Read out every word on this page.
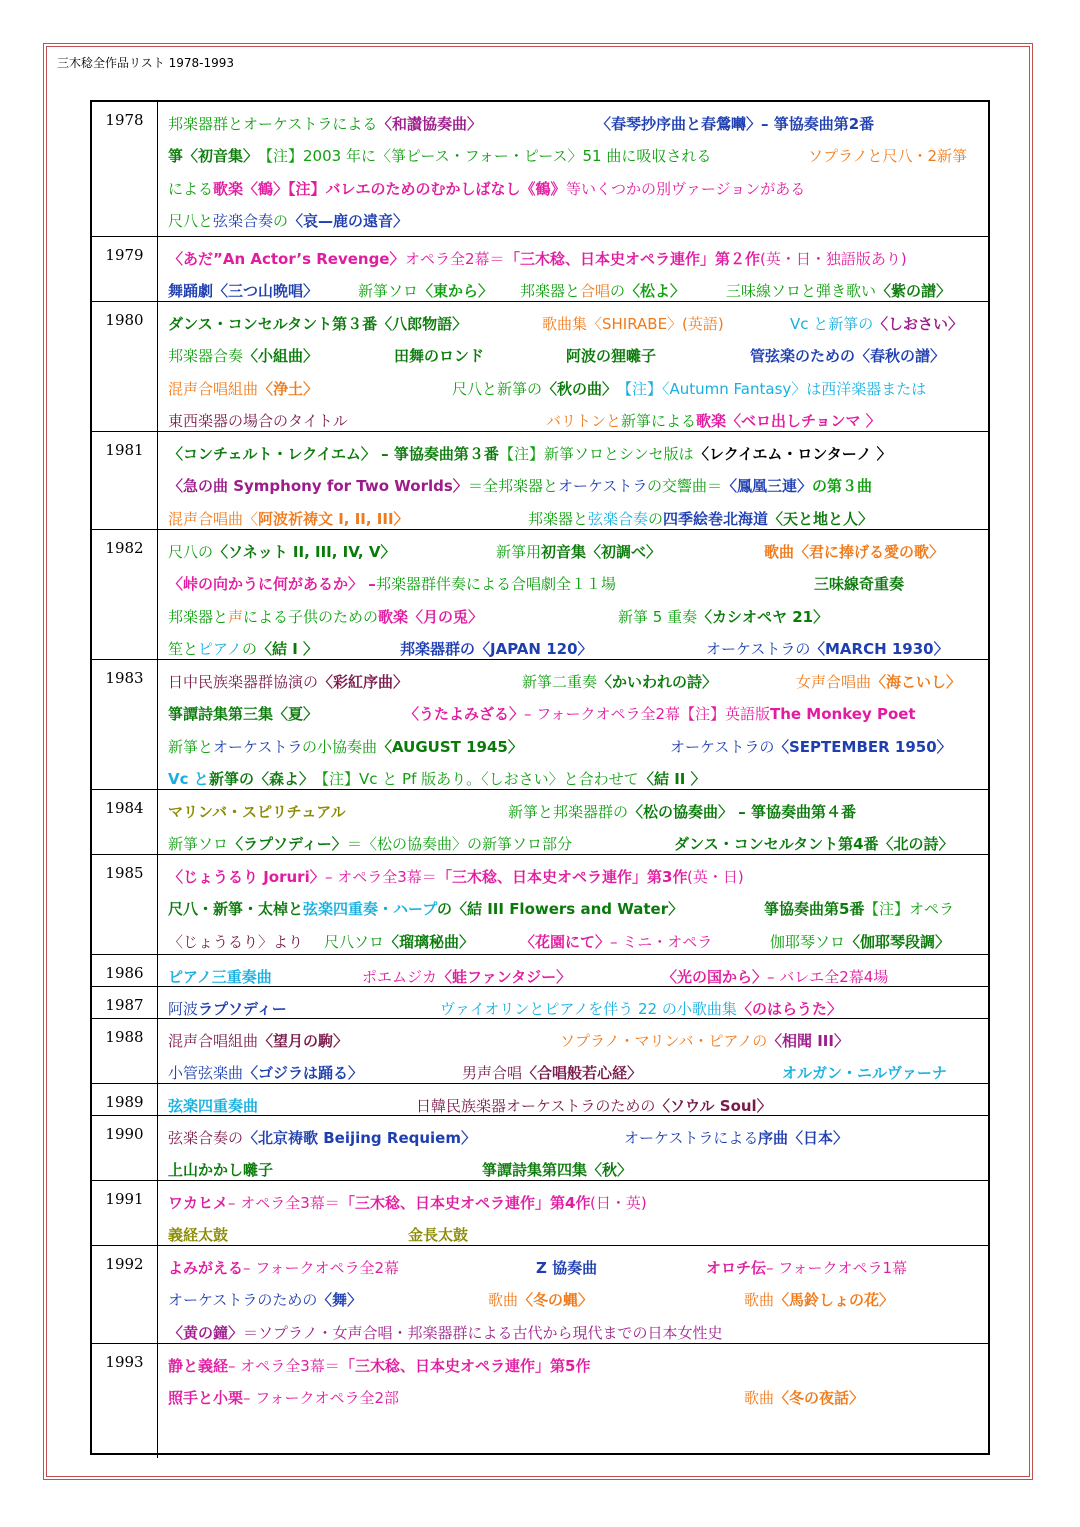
三木稔全作品リスト 1978-1993
1978	邦楽器群とオーケストラによる 〈和讃協奏曲〉	〈春琴抄序曲と春鶯囀〉– 箏協奏曲第2番
箏〈初音集〉 【注】2003 年に〈箏ピース・フォー・ピース〉51 曲に吸収される	ソプラノと尺八・2新箏
による 歌楽〈鶴〉【注】バレエのためのむかしばなし《鶴》 等いくつかの別ヴァージョンがある
尺八と 弦楽合奏 の 〈哀—鹿の遠音〉
1979	〈あだ”An Actor’s Revenge〉 オペラ全2幕＝ 「三木稔、日本史オペラ連作」第２作 (英・日・独語版あり)
舞踊劇〈三つ山晩唱〉	新箏ソロ 〈東から〉 邦楽器と 合唱 の 〈松よ〉	三味線ソロと弾き歌い 〈紫の譜〉
1980	ダンス・コンセルタント第３番〈八郎物語〉	歌曲集〈SHIRABE〉 (英語)	Vc と新箏の 〈しおさい〉
邦楽器合奏 〈小組曲〉	田舞のロンド	阿波の狸囃子	管弦楽のための〈春秋の譜〉
混声合唱組曲 〈浄土〉	尺八と新箏の 〈秋の曲〉 【注】〈Autumn Fantasy〉は西洋楽器または
東西楽器の場合のタイトル	バリトンと 新箏 による 歌楽〈ベロ出しチョンマ 〉
1981	〈コンチェルト・レクイエム〉 – 箏協奏曲第３番 【注】新箏ソロとシンセ版は 〈レクイエム・ロンターノ 〉
〈急の曲 Symphony for Two Worlds〉 ＝全邦楽器と オーケストラ の交響曲＝ 〈鳳凰三連〉 の第３曲
混声合唱曲〈 阿波祈祷文 I, II, III〉	邦楽器と 弦楽合奏 の 四季絵巻北海道 〈天と地と人〉
1982	尺八の 〈ソネット II, III, IV, V〉	新箏用 初音集〈初調べ〉	歌曲〈君に捧げる愛の歌〉
〈峠の向かうに何があるか〉 – 邦楽器群伴奏による合唱劇全１１場	三味線奇重奏
邦楽器と 声 による子供のための 歌楽〈月の兎〉	新箏 5 重奏 〈カシオペヤ 21〉
笙と ピアノ の 〈結 I 〉	邦楽器群の〈JAPAN 120〉	オーケストラの 〈MARCH 1930〉
1983	日中民族楽器群協演の 〈彩紅序曲〉	新箏二重奏 〈かいわれの詩〉	女声合唱曲 〈海こいし〉
箏譚詩集第三集〈夏〉	〈うたよみざる〉 – フォークオペラ全2幕【注】英語版 The Monkey Poet
新箏と オーケストラ の小協奏曲 〈AUGUST 1945〉	オーケストラの 〈SEPTEMBER 1950〉
Vc と 新箏の〈森よ〉 【注】Vc と Pf 版あり。〈しおさい〉と合わせて 〈結 II 〉
1984	マリンバ・スピリチュアル	新箏と邦楽器群の 〈松の協奏曲〉 – 箏協奏曲第４番
新箏ソロ 〈ラプソディー〉 ＝〈松の協奏曲〉の新箏ソロ部分	ダンス・コンセルタント第4番〈北の詩〉
1985	〈じょうるり Joruri〉 – オペラ全3幕＝ 「三木稔、日本史オペラ連作」第3作 (英・日)
尺八・新箏・太棹と 弦楽四重奏・ハープ の 〈結 III Flowers and Water〉	箏協奏曲第5番 【注】オペラ
〈じょうるり〉より 尺八ソロ 〈瑠璃秘曲〉	〈花園にて〉 – ミニ・オペラ	伽耶琴ソロ 〈伽耶琴段調〉
1986	ピアノ三重奏曲	ポエムジカ 〈蛙ファンタジー〉	〈光の国から〉 – バレエ全2幕4場
1987	阿波 ラプソディー	ヴァイオリンとピアノを伴う 22 の小歌曲集 〈のはらうた〉
1988	混声合唱組曲 〈望月の駒〉	ソプラノ・マリンバ・ピアノの 〈相聞 III〉
小管弦楽曲 〈ゴジラは踊る〉	男声合唱 〈合唱般若心経〉	オルガン・ニルヴァーナ
1989	弦楽四重奏曲	日韓民族楽器オーケストラのための 〈ソウル Soul〉
1990	弦楽合奏の 〈北京祷歌 Beijing Requiem〉	オーケストラによる 序曲〈日本〉
上山かかし囃子	箏譚詩集第四集〈秋〉
1991	ワカヒメ – オペラ全3幕＝ 「三木稔、日本史オペラ連作」第4作 (日・英)
義経太鼓	金長太鼓
1992	よみがえる – フォークオペラ全2幕	Z 協奏曲	オロチ伝 – フォークオペラ1幕
オーケストラのための 〈舞〉	歌曲 〈冬の蝿〉	歌曲 〈馬鈴しょの花〉
〈黄の鐘〉 ＝ソプラノ・女声合唱・邦楽器群による古代から現代までの日本女性史
1993	静と義経 – オペラ全3幕＝ 「三木稔、日本史オペラ連作」第5作
照手と小栗 – フォークオペラ全2部	歌曲 〈冬の夜話〉
